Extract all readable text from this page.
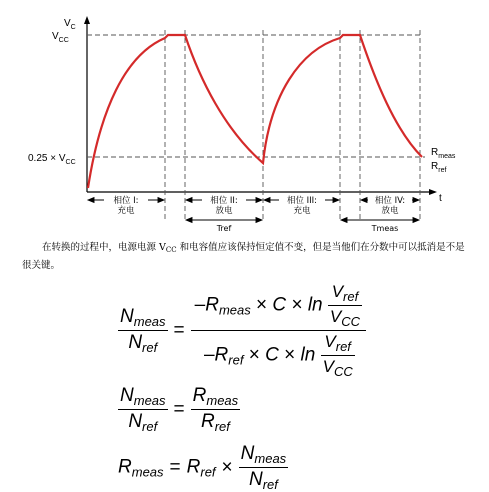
$V_C$
$V_{CC}$
$0.25 \times V_{CC}$
t
$R_{meas}$
$R_{ref}$
相位 I:
充电
相位 II:
放电
相位 III:
充电
相位 IV:
放电
Tref	Tmeas
在转换的过程中，电源电源 $V_{CC}$ 和电容值应该保持恒定值不变，但是当他们在分数中可以抵消是不是很关键。
$\frac{N_{meas}}{N_{ref}} = \frac{-R_{meas} \times C \times \ln \frac{V_{ref}}{V_{CC}}}{-R_{ref} \times C \times \ln \frac{V_{ref}}{V_{CC}}}$
$\frac{N_{meas}}{N_{ref}} = \frac{R_{meas}}{R_{ref}}$
$R_{meas} = R_{ref} \times \frac{N_{meas}}{N_{ref}}$
